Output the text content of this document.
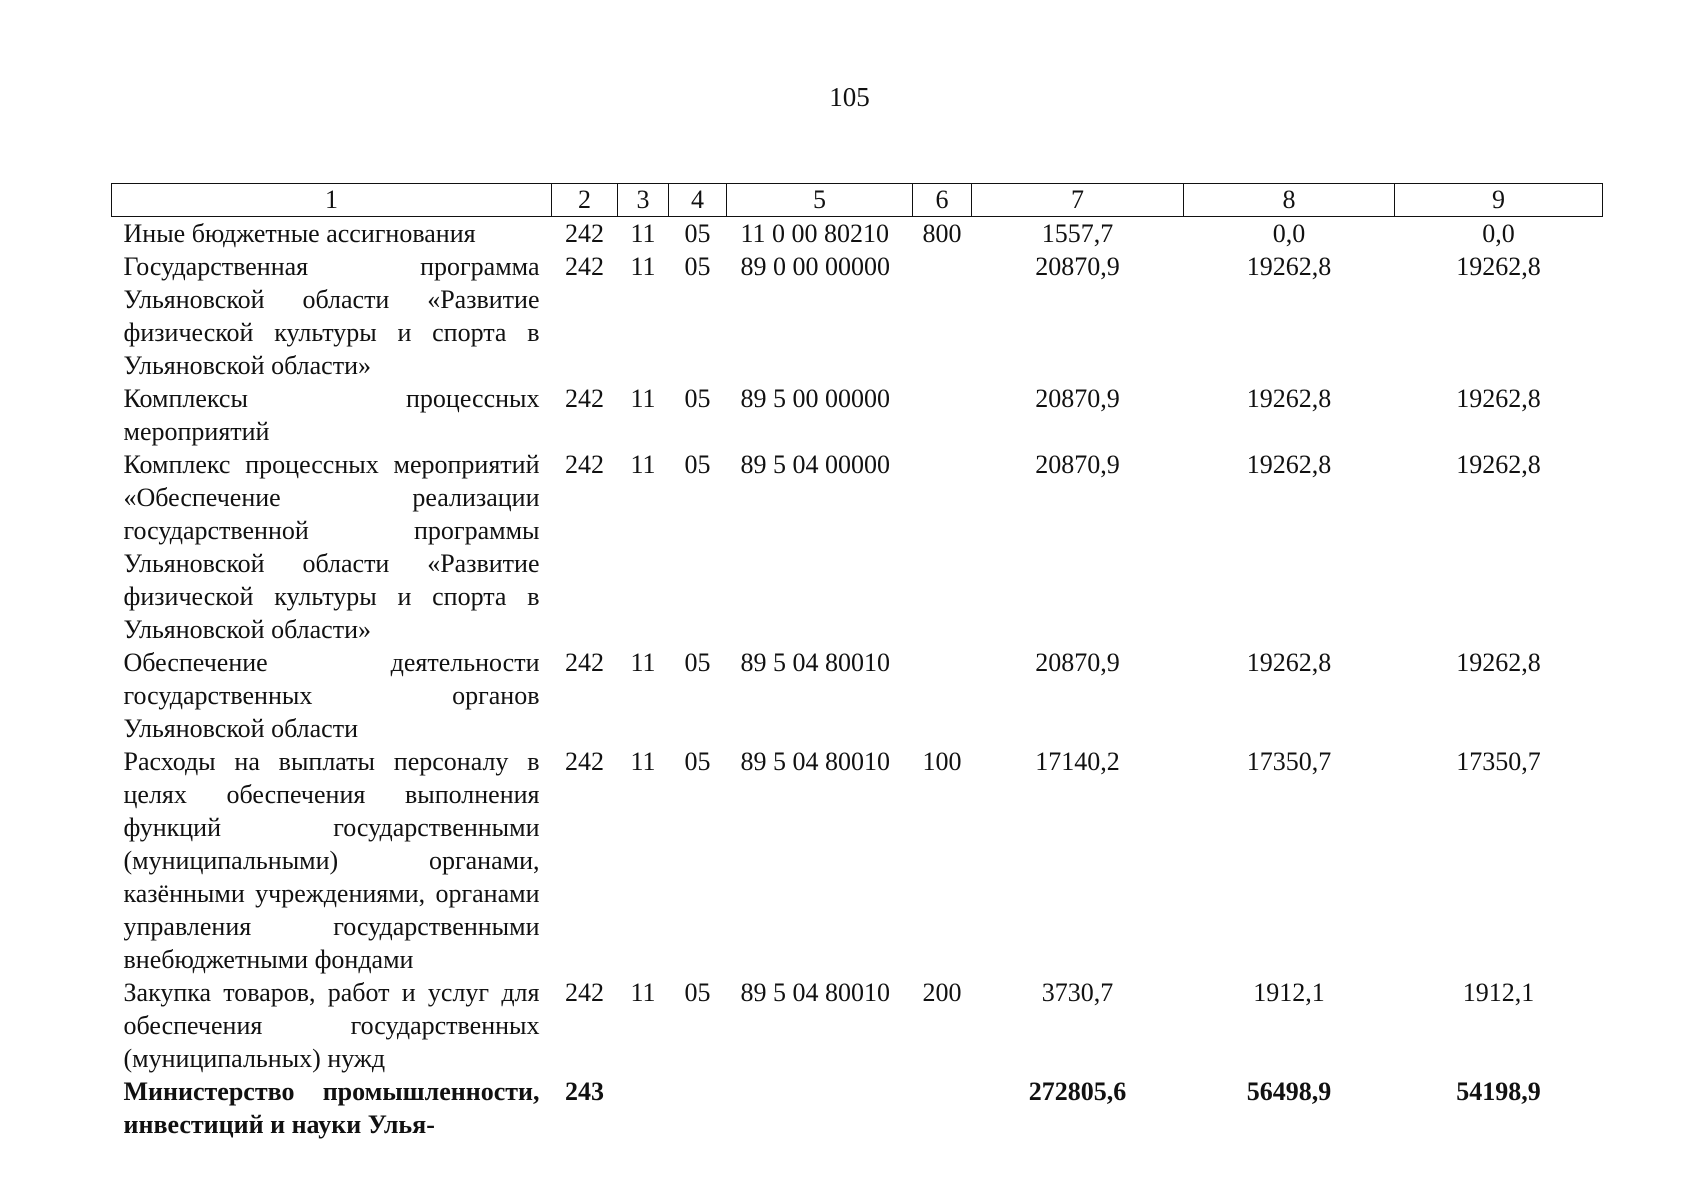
105
1	2	3	4	5	6	7	8	9
Иные бюджетные ассигнования	242	11	05	11 0 00 80210	800	1557,7	0,0	0,0
Государственная программа Ульяновской области «Развитие физической культуры и спорта в Ульяновской области»	242	11	05	89 0 00 00000		20870,9	19262,8	19262,8
Комплексы процессных мероприятий	242	11	05	89 5 00 00000		20870,9	19262,8	19262,8
Комплекс процессных мероприятий «Обеспечение реализации государственной программы Ульяновской области «Развитие физической культуры и спорта в Ульяновской области»	242	11	05	89 5 04 00000		20870,9	19262,8	19262,8
Обеспечение деятельности государственных органов Ульяновской области	242	11	05	89 5 04 80010		20870,9	19262,8	19262,8
Расходы на выплаты персоналу в целях обеспечения выполнения функций государственными (муниципальными) органами, казёнными учреждениями, органами управления государственными внебюджетными фондами	242	11	05	89 5 04 80010	100	17140,2	17350,7	17350,7
Закупка товаров, работ и услуг для обеспечения государственных (муниципальных) нужд	242	11	05	89 5 04 80010	200	3730,7	1912,1	1912,1
Министерство промышленности, инвестиций и науки Улья-	243					272805,6	56498,9	54198,9
